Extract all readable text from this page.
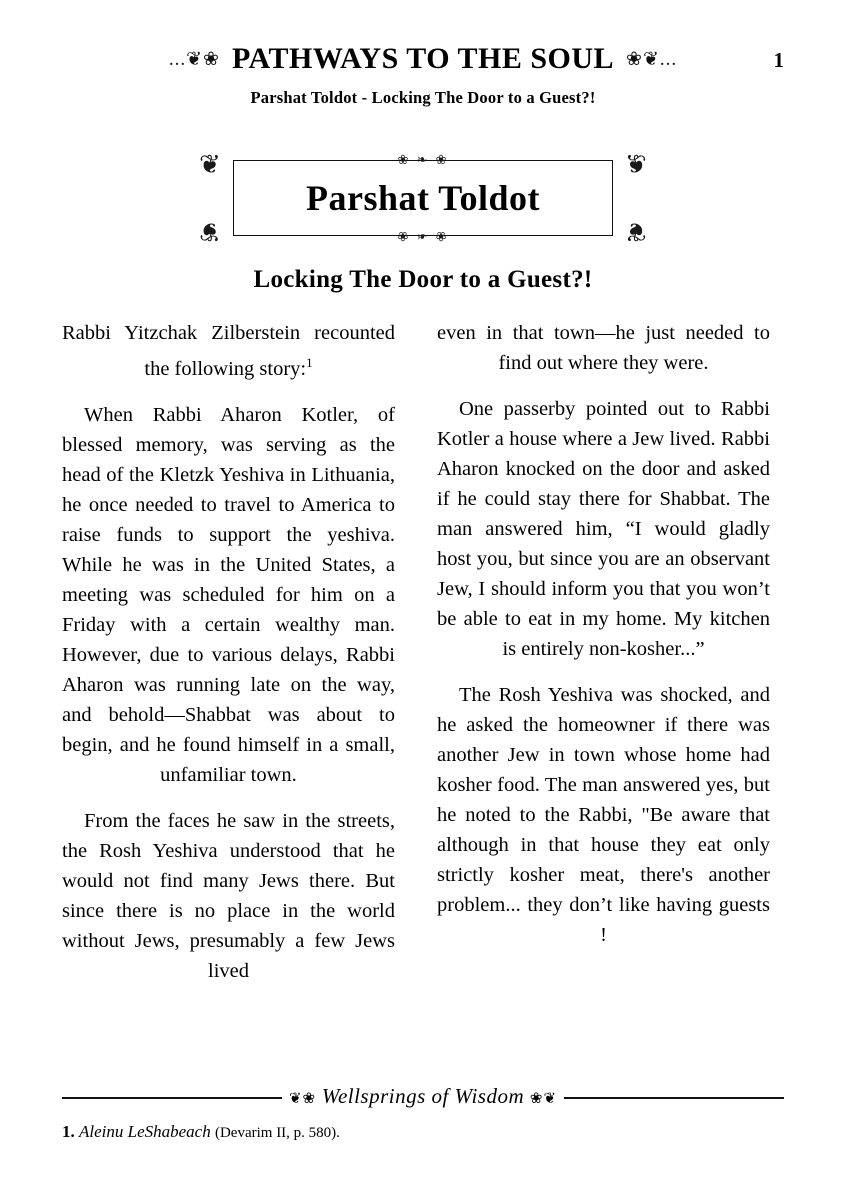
...❦❀ PATHWAYS TO THE SOUL ❀❦...	1
Parshat Toldot - Locking The Door to a Guest?!
❦	❦
❦	❦
❀ ❧ ❀
❀ ❧ ❀
Parshat Toldot
Locking The Door to a Guest?!

Rabbi Yitzchak Zilberstein recounted the following story:$^1$

When Rabbi Aharon Kotler, of blessed memory, was serving as the head of the Kletzk Yeshiva in Lithuania, he once needed to travel to America to raise funds to support the yeshiva. While he was in the United States, a meeting was scheduled for him on a Friday with a certain wealthy man. However, due to various delays, Rabbi Aharon was running late on the way, and behold—Shabbat was about to begin, and he found himself in a small, unfamiliar town.

From the faces he saw in the streets, the Rosh Yeshiva understood that he would not find many Jews there. But since there is no place in the world without Jews, presumably a few Jews lived

even in that town—he just needed to find out where they were.

One passerby pointed out to Rabbi Kotler a house where a Jew lived. Rabbi Aharon knocked on the door and asked if he could stay there for Shabbat. The man answered him, “I would gladly host you, but since you are an observant Jew, I should inform you that you won’t be able to eat in my home. My kitchen is entirely non-kosher...”

The Rosh Yeshiva was shocked, and he asked the homeowner if there was another Jew in town whose home had kosher food. The man answered yes, but he noted to the Rabbi, "Be aware that although in that house they eat only strictly kosher meat, there's another problem... they don’t like having guests !

❦❀ Wellsprings of Wisdom ❀❦
1. Aleinu LeShabeach (Devarim II, p. 580).
